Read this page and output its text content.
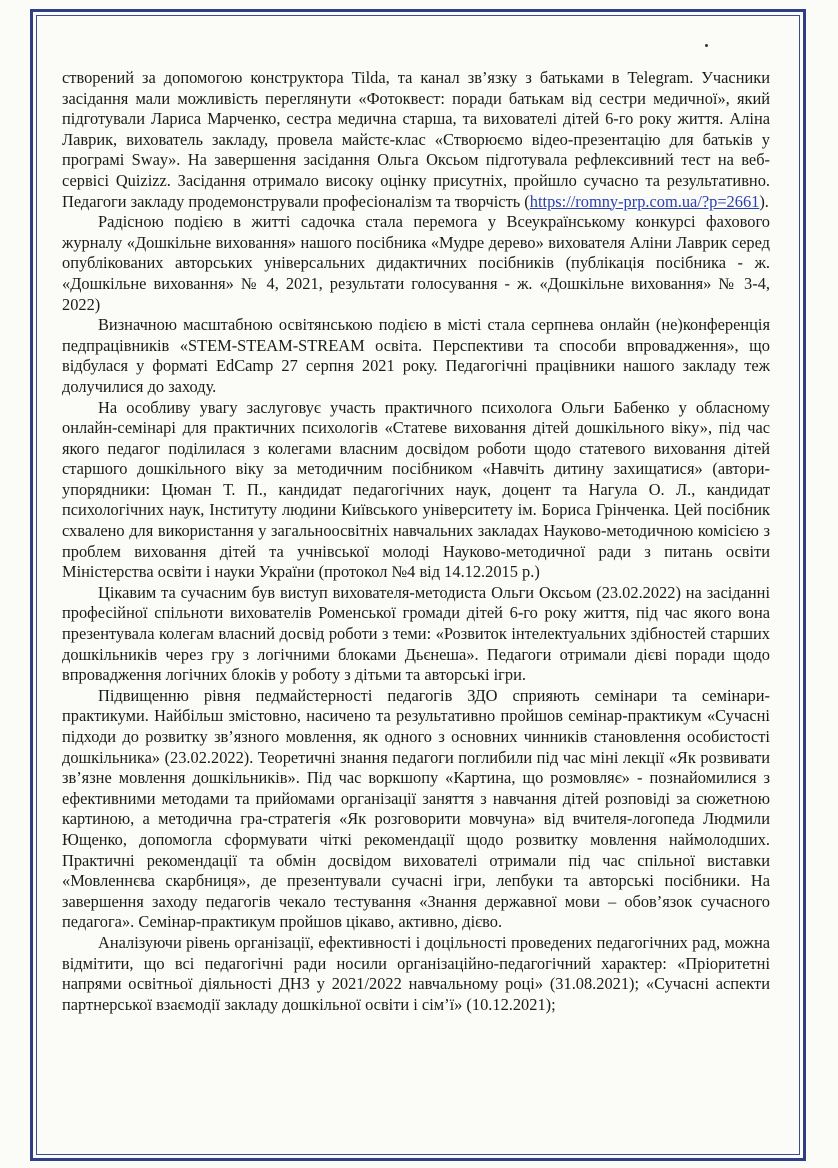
створений за допомогою конструктора Tilda, та канал зв’язку з батьками в Telegram. Учасники засідання мали можливість переглянути «Фотоквест: поради батькам від сестри медичної», який підготували Лариса Марченко, сестра медична старша, та вихователі дітей 6-го року життя. Аліна Лаврик, вихователь закладу, провела майстє-клас «Створюємо відео-презентацію для батьків у програмі Sway». На завершення засідання Ольга Оксьом підготувала рефлексивний тест на веб-сервісі Quizizz. Засідання отримало високу оцінку присутніх, пройшло сучасно та результативно. Педагоги закладу продемонстрували професіоналізм та творчість (https://romny-prp.com.ua/?p=2661).

Радісною подією в житті садочка стала перемога у Всеукраїнському конкурсі фахового журналу «Дошкільне виховання» нашого посібника «Мудре дерево» вихователя Аліни Лаврик серед опублікованих авторських універсальних дидактичних посібників (публікація посібника - ж. «Дошкільне виховання» № 4, 2021, результати голосування - ж. «Дошкільне виховання» № 3-4, 2022)

Визначною масштабною освітянською подією в місті стала серпнева онлайн (не)конференція педпрацівників «STEM-STEAM-STREAM освіта. Перспективи та способи впровадження», що відбулася у форматі EdCamp 27 серпня 2021 року. Педагогічні працівники нашого закладу теж долучилися до заходу.

На особливу увагу заслуговує участь практичного психолога Ольги Бабенко у обласному онлайн-семінарі для практичних психологів «Статеве виховання дітей дошкільного віку», під час якого педагог поділилася з колегами власним досвідом роботи щодо статевого виховання дітей старшого дошкільного віку за методичним посібником «Навчіть дитину захищатися» (автори-упорядники: Цюман Т. П., кандидат педагогічних наук, доцент та Нагула О. Л., кандидат психологічних наук, Інституту людини Київського університету ім. Бориса Грінченка. Цей посібник схвалено для використання у загальноосвітніх навчальних закладах Науково-методичною комісією з проблем виховання дітей та учнівської молоді Науково-методичної ради з питань освіти Міністерства освіти і науки України (протокол №4 від 14.12.2015 р.)

Цікавим та сучасним був виступ вихователя-методиста Ольги Оксьом (23.02.2022) на засіданні професійної спільноти вихователів Роменської громади дітей 6-го року життя, під час якого вона презентувала колегам власний досвід роботи з теми: «Розвиток інтелектуальних здібностей старших дошкільників через гру з логічними блоками Дьєнеша». Педагоги отримали дієві поради щодо впровадження логічних блоків у роботу з дітьми та авторські ігри.

Підвищенню рівня педмайстерності педагогів ЗДО сприяють семінари та семінари-практикуми. Найбільш змістовно, насичено та результативно пройшов семінар-практикум «Сучасні підходи до розвитку зв’язного мовлення, як одного з основних чинників становлення особистості дошкільника» (23.02.2022). Теоретичні знання педагоги поглибили під час міні лекції «Як розвивати зв’язне мовлення дошкільників». Під час воркшопу «Картина, що розмовляє» - познайомилися з ефективними методами та прийомами організації заняття з навчання дітей розповіді за сюжетною картиною, а методична гра-стратегія «Як розговорити мовчуна» від вчителя-логопеда Людмили Ющенко, допомогла сформувати чіткі рекомендації щодо розвитку мовлення наймолодших. Практичні рекомендації та обмін досвідом вихователі отримали під час спільної виставки «Мовленнєва скарбниця», де презентували сучасні ігри, лепбуки та авторські посібники. На завершення заходу педагогів чекало тестування «Знання державної мови – обов’язок сучасного педагога». Семінар-практикум пройшов цікаво, активно, дієво.

Аналізуючи рівень організації, ефективності і доцільності проведених педагогічних рад, можна відмітити, що всі педагогічні ради носили організаційно-педагогічний характер: «Пріоритетні напрями освітньої діяльності ДНЗ у 2021/2022 навчальному році» (31.08.2021); «Сучасні аспекти партнерської взаємодії закладу дошкільної освіти і сім’ї» (10.12.2021);
